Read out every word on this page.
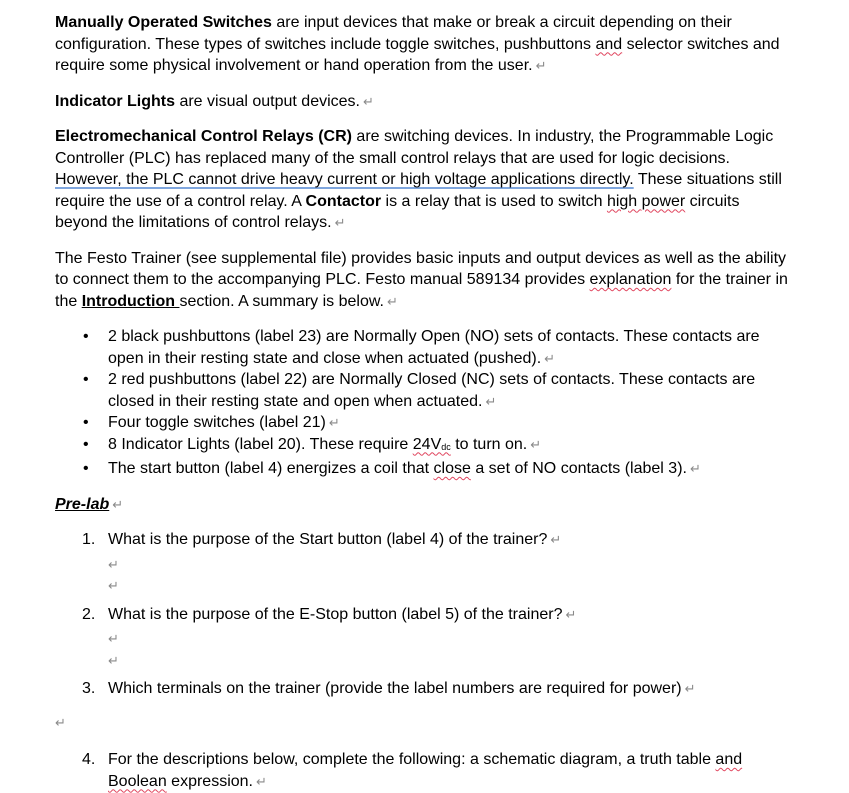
Manually Operated Switches are input devices that make or break a circuit depending on their configuration. These types of switches include toggle switches, pushbuttons and selector switches and require some physical involvement or hand operation from the user. ↵

Indicator Lights are visual output devices. ↵

Electromechanical Control Relays (CR) are switching devices. In industry, the Programmable Logic Controller (PLC) has replaced many of the small control relays that are used for logic decisions. However, the PLC cannot drive heavy current or high voltage applications directly. These situations still require the use of a control relay. A Contactor is a relay that is used to switch high power circuits beyond the limitations of control relays. ↵

The Festo Trainer (see supplemental file) provides basic inputs and output devices as well as the ability to connect them to the accompanying PLC. Festo manual 589134 provides explanation for the trainer in the Introduction section. A summary is below. ↵

• 2 black pushbuttons (label 23) are Normally Open (NO) sets of contacts. These contacts are open in their resting state and close when actuated (pushed). ↵
• 2 red pushbuttons (label 22) are Normally Closed (NC) sets of contacts. These contacts are closed in their resting state and open when actuated. ↵
• Four toggle switches (label 21) ↵
• 8 Indicator Lights (label 20). These require 24Vdc to turn on. ↵
• The start button (label 4) energizes a coil that close a set of NO contacts (label 3). ↵

Pre-lab ↵

1. What is the purpose of the Start button (label 4) of the trainer? ↵
↵
↵
2. What is the purpose of the E-Stop button (label 5) of the trainer? ↵
↵
↵
3. Which terminals on the trainer (provide the label numbers are required for power) ↵
↵
4. For the descriptions below, complete the following: a schematic diagram, a truth table and
Boolean expression. ↵
